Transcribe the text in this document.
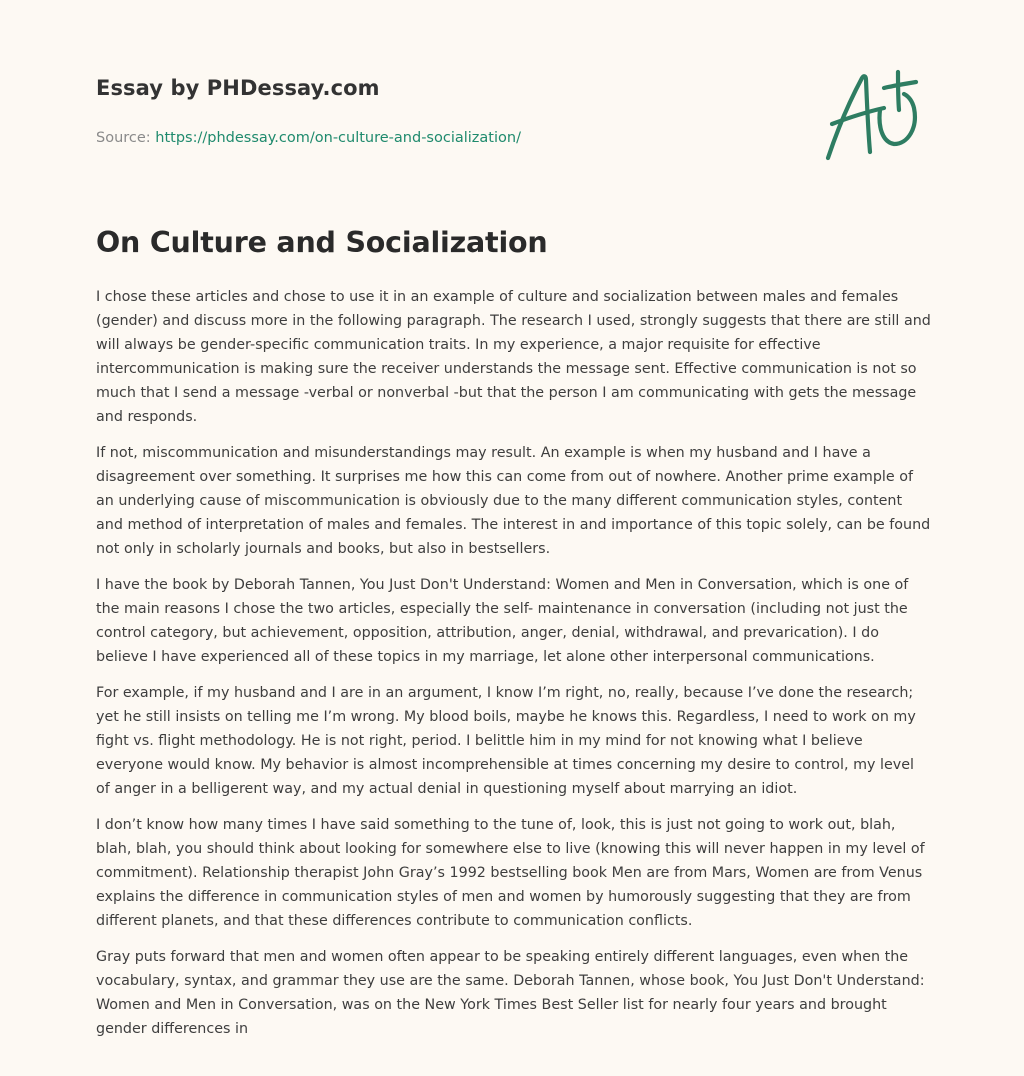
Essay by PHDessay.com
Source: https://phdessay.com/on-culture-and-socialization/
On Culture and Socialization

I chose these articles and chose to use it in an example of culture and socialization between males and females (gender) and discuss more in the following paragraph. The research I used, strongly suggests that there are still and will always be gender-specific communication traits. In my experience, a major requisite for effective intercommunication is making sure the receiver understands the message sent. Effective communication is not so much that I send a message -verbal or nonverbal -but that the person I am communicating with gets the message and responds.

If not, miscommunication and misunderstandings may result. An example is when my husband and I have a disagreement over something. It surprises me how this can come from out of nowhere. Another prime example of an underlying cause of miscommunication is obviously due to the many different communication styles, content and method of interpretation of males and females. The interest in and importance of this topic solely, can be found not only in scholarly journals and books, but also in bestsellers.

I have the book by Deborah Tannen, You Just Don't Understand: Women and Men in Conversation, which is one of the main reasons I chose the two articles, especially the self- maintenance in conversation (including not just the control category, but achievement, opposition, attribution, anger, denial, withdrawal, and prevarication). I do believe I have experienced all of these topics in my marriage, let alone other interpersonal communications.

For example, if my husband and I are in an argument, I know I’m right, no, really, because I’ve done the research; yet he still insists on telling me I’m wrong. My blood boils, maybe he knows this. Regardless, I need to work on my fight vs. flight methodology. He is not right, period. I belittle him in my mind for not knowing what I believe everyone would know. My behavior is almost incomprehensible at times concerning my desire to control, my level of anger in a belligerent way, and my actual denial in questioning myself about marrying an idiot.

I don’t know how many times I have said something to the tune of, look, this is just not going to work out, blah, blah, blah, you should think about looking for somewhere else to live (knowing this will never happen in my level of commitment). Relationship therapist John Gray’s 1992 bestselling book Men are from Mars, Women are from Venus explains the difference in communication styles of men and women by humorously suggesting that they are from different planets, and that these differences contribute to communication conflicts.

Gray puts forward that men and women often appear to be speaking entirely different languages, even when the vocabulary, syntax, and grammar they use are the same. Deborah Tannen, whose book, You Just Don't Understand: Women and Men in Conversation, was on the New York Times Best Seller list for nearly four years and brought gender differences in
